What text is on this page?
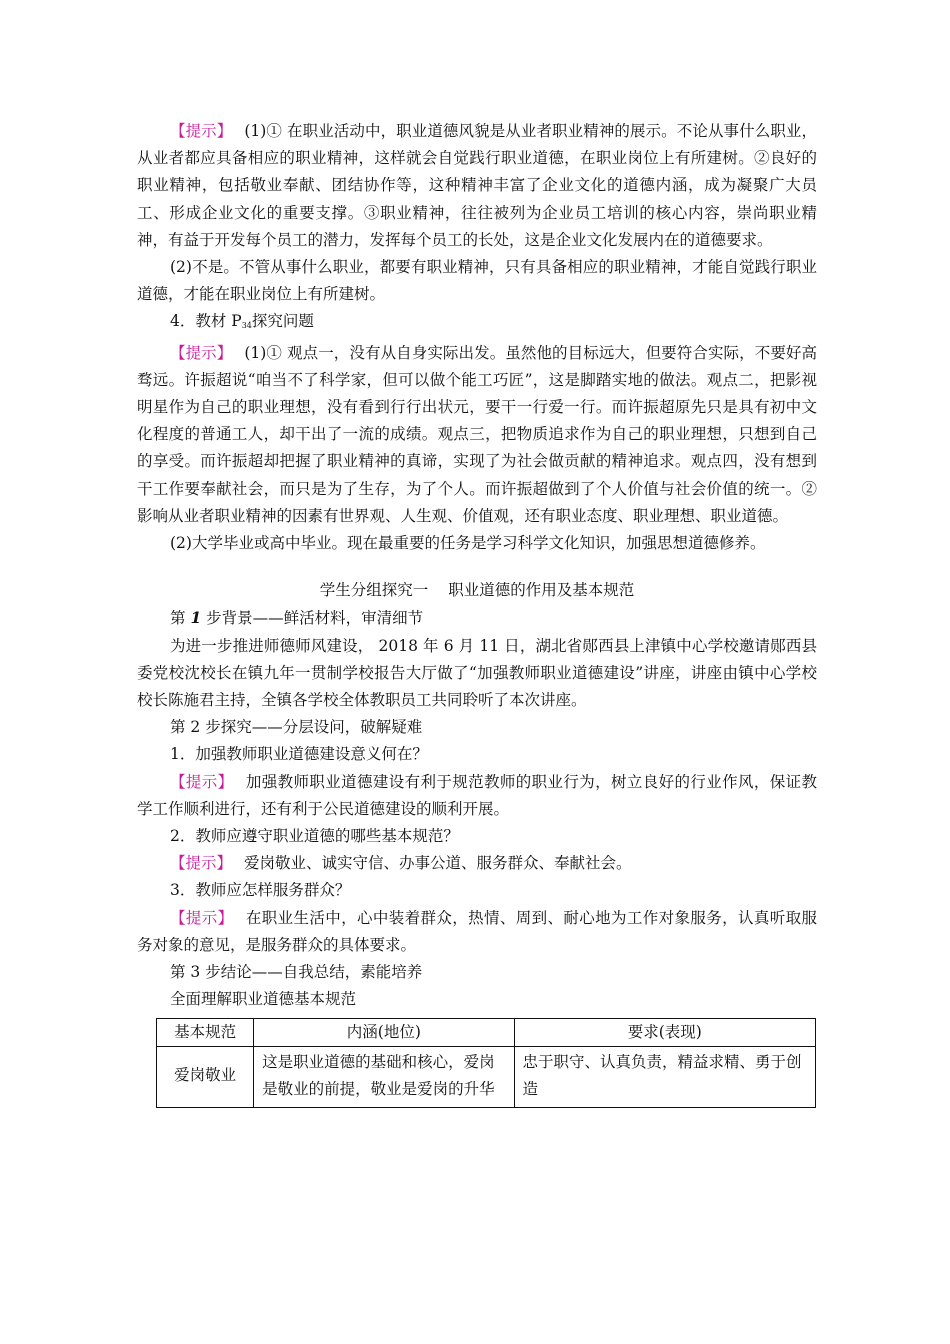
【提示】 (1)① 在职业活动中，职业道德风貌是从业者职业精神的展示。不论从事什么职业，从业者都应具备相应的职业精神，这样就会自觉践行职业道德，在职业岗位上有所建树。②良好的职业精神，包括敬业奉献、团结协作等，这种精神丰富了企业文化的道德内涵，成为凝聚广大员工、形成企业文化的重要支撑。③职业精神，往往被列为企业员工培训的核心内容，崇尚职业精神，有益于开发每个员工的潜力，发挥每个员工的长处，这是企业文化发展内在的道德要求。

(2)不是。不管从事什么职业，都要有职业精神，只有具备相应的职业精神，才能自觉践行职业道德，才能在职业岗位上有所建树。

4．教材 $P_{34}$探究问题

【提示】 (1)① 观点一，没有从自身实际出发。虽然他的目标远大，但要符合实际，不要好高骛远。许振超说“咱当不了科学家，但可以做个能工巧匠”，这是脚踏实地的做法。观点二，把影视明星作为自己的职业理想，没有看到行行出状元，要干一行爱一行。而许振超原先只是具有初中文化程度的普通工人，却干出了一流的成绩。观点三，把物质追求作为自己的职业理想，只想到自己的享受。而许振超却把握了职业精神的真谛，实现了为社会做贡献的精神追求。观点四，没有想到干工作要奉献社会，而只是为了生存，为了个人。而许振超做到了个人价值与社会价值的统一。②影响从业者职业精神的因素有世界观、人生观、价值观，还有职业态度、职业理想、职业道德。

(2)大学毕业或高中毕业。现在最重要的任务是学习科学文化知识，加强思想道德修养。

学生分组探究一 职业道德的作用及基本规范

第 1 步背景——鲜活材料，审清细节

为进一步推进师德师风建设， 2018 年 6 月 11 日，湖北省郧西县上津镇中心学校邀请郧西县委党校沈校长在镇九年一贯制学校报告大厅做了“加强教师职业道德建设”讲座，讲座由镇中心学校校长陈施君主持，全镇各学校全体教职员工共同聆听了本次讲座。

第 2 步探究——分层设问，破解疑难

1．加强教师职业道德建设意义何在？

【提示】 加强教师职业道德建设有利于规范教师的职业行为，树立良好的行业作风，保证教学工作顺利进行，还有利于公民道德建设的顺利开展。

2．教师应遵守职业道德的哪些基本规范？

【提示】 爱岗敬业、诚实守信、办事公道、服务群众、奉献社会。

3．教师应怎样服务群众？

【提示】 在职业生活中，心中装着群众，热情、周到、耐心地为工作对象服务，认真听取服务对象的意见，是服务群众的具体要求。

第 3 步结论——自我总结，素能培养

全面理解职业道德基本规范

基本规范	内涵(地位)	要求(表现)
爱岗敬业	这是职业道德的基础和核心，爱岗是敬业的前提，敬业是爱岗的升华	忠于职守、认真负责，精益求精、勇于创造
